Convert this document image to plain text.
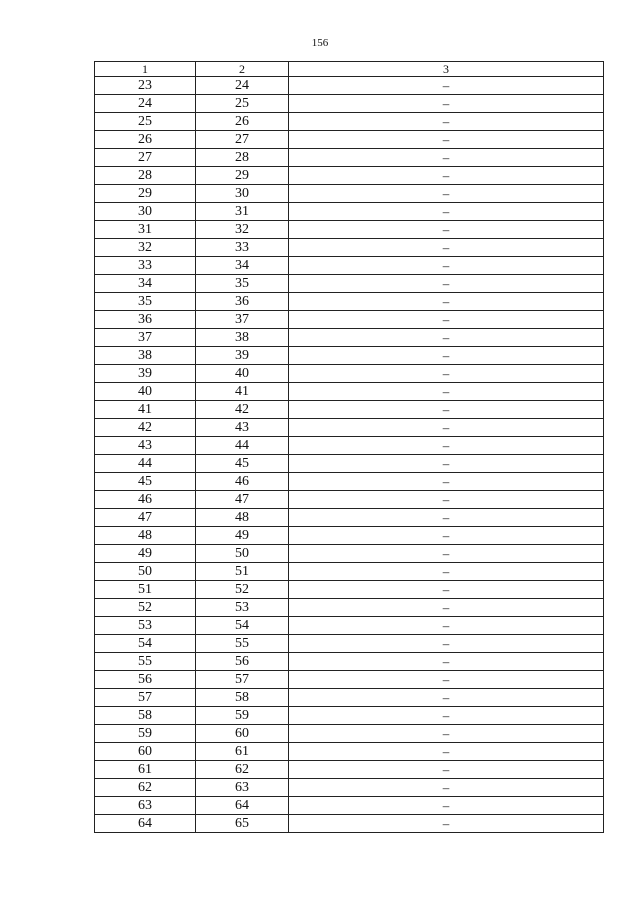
156
1	2	3
23	24	–
24	25	–
25	26	–
26	27	–
27	28	–
28	29	–
29	30	–
30	31	–
31	32	–
32	33	–
33	34	–
34	35	–
35	36	–
36	37	–
37	38	–
38	39	–
39	40	–
40	41	–
41	42	–
42	43	–
43	44	–
44	45	–
45	46	–
46	47	–
47	48	–
48	49	–
49	50	–
50	51	–
51	52	–
52	53	–
53	54	–
54	55	–
55	56	–
56	57	–
57	58	–
58	59	–
59	60	–
60	61	–
61	62	–
62	63	–
63	64	–
64	65	–
